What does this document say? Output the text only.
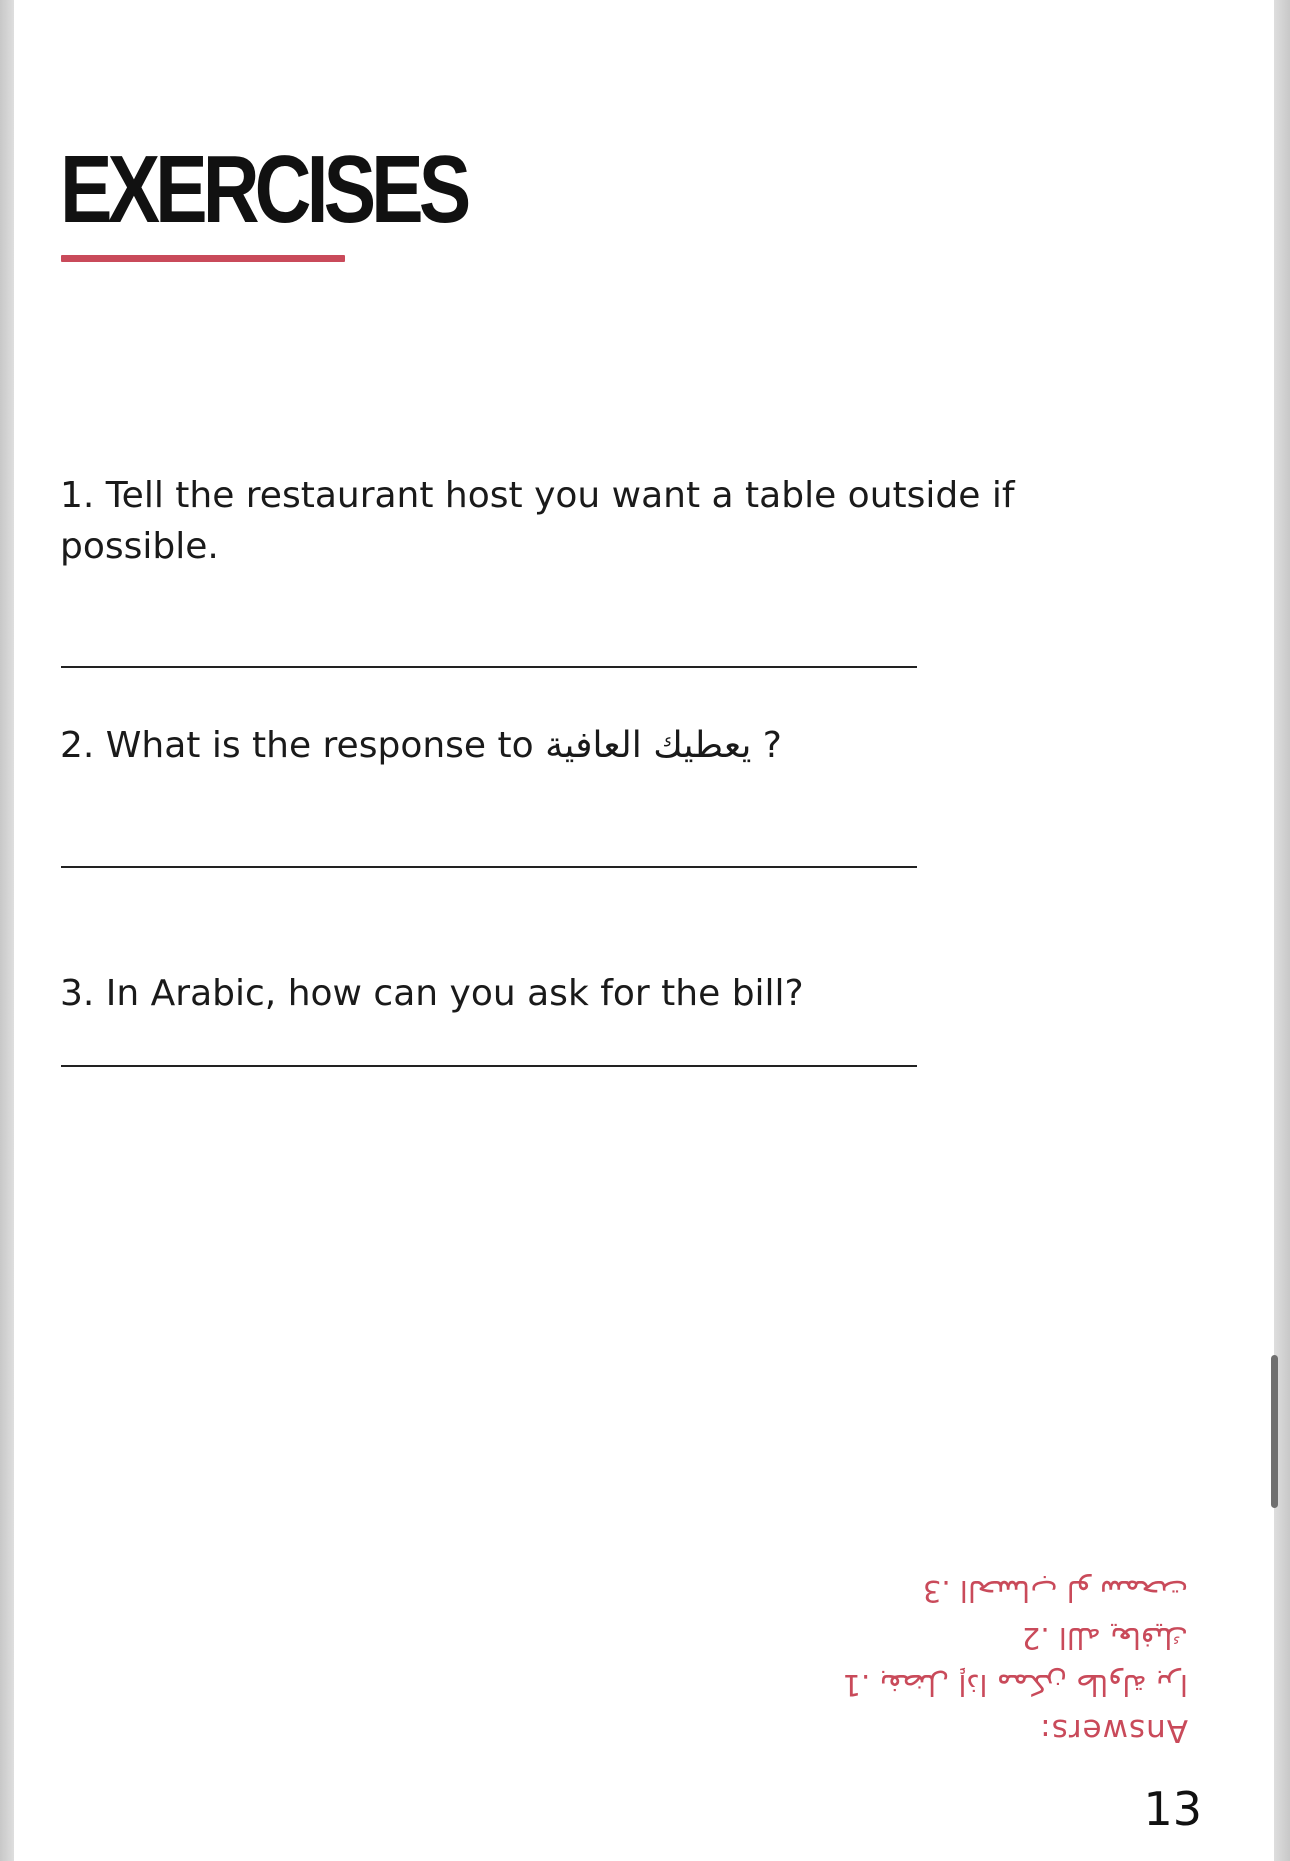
EXERCISES

1. Tell the restaurant host you want a table outside if possible.

2. What is the response to يعطيك العافية ?

3. In Arabic, how can you ask for the bill?

Answers:

1. بفضل إذا ممكن طاولة برا

2. الله يعافيك

3. الحساب لو سمحت

13
